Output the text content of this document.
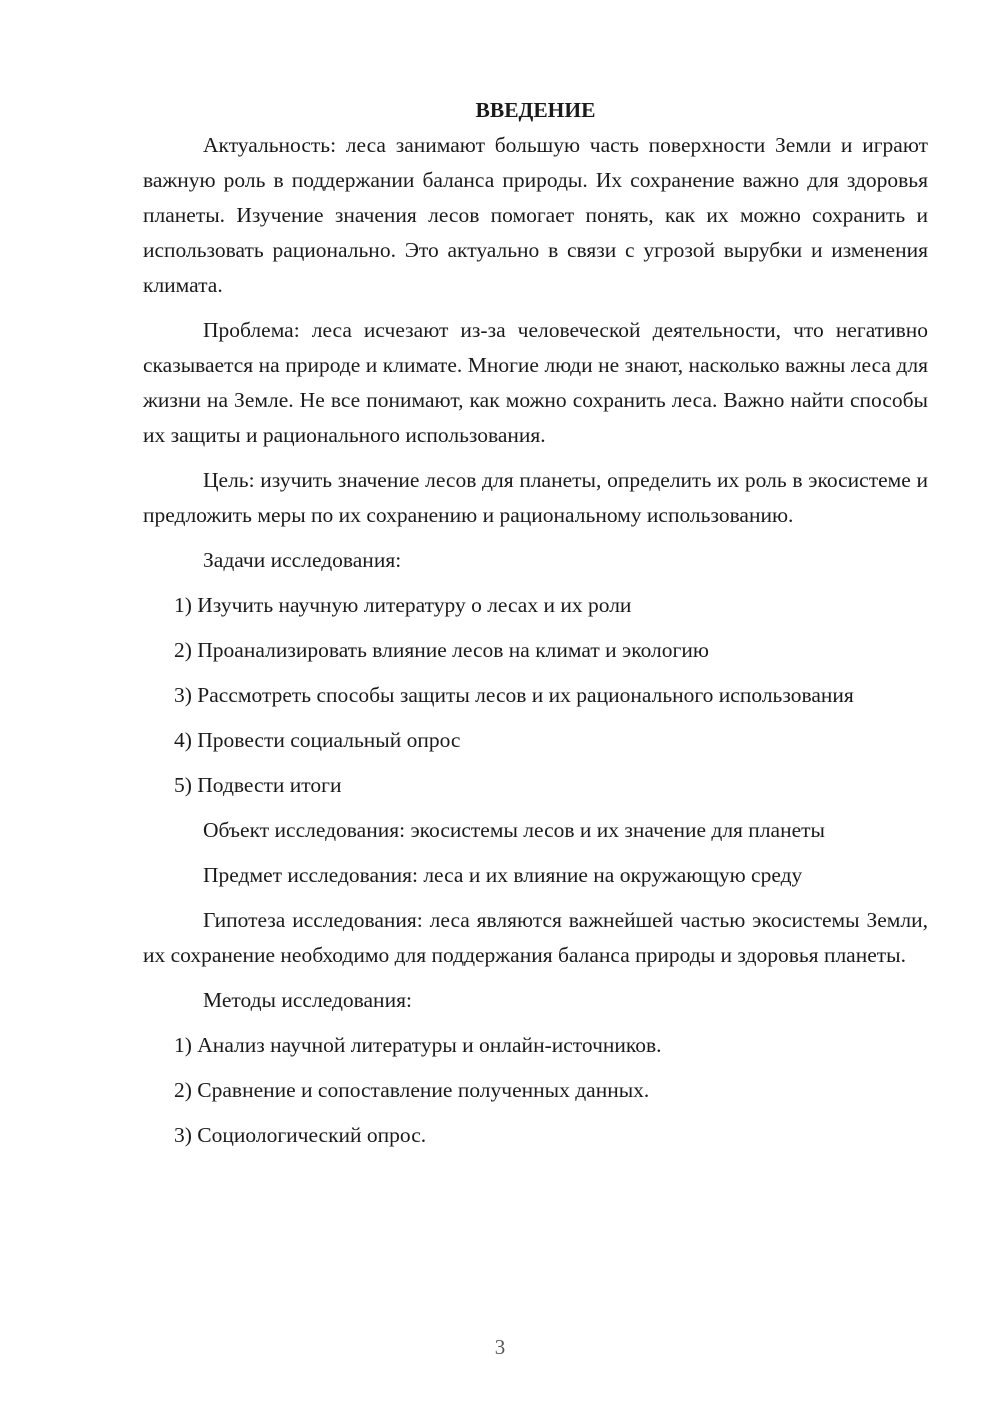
ВВЕДЕНИЕ

Актуальность: леса занимают большую часть поверхности Земли и играют важную роль в поддержании баланса природы. Их сохранение важно для здоровья планеты. Изучение значения лесов помогает понять, как их можно сохранить и использовать рационально. Это актуально в связи с угрозой вырубки и изменения климата.

Проблема: леса исчезают из-за человеческой деятельности, что негативно сказывается на природе и климате. Многие люди не знают, насколько важны леса для жизни на Земле. Не все понимают, как можно сохранить леса. Важно найти способы их защиты и рационального использования.

Цель: изучить значение лесов для планеты, определить их роль в экосистеме и предложить меры по их сохранению и рациональному использованию.

Задачи исследования:

1) Изучить научную литературу о лесах и их роли

2) Проанализировать влияние лесов на климат и экологию

3) Рассмотреть способы защиты лесов и их рационального использования

4) Провести социальный опрос

5) Подвести итоги

Объект исследования: экосистемы лесов и их значение для планеты

Предмет исследования: леса и их влияние на окружающую среду

Гипотеза исследования: леса являются важнейшей частью экосистемы Земли, их сохранение необходимо для поддержания баланса природы и здоровья планеты.

Методы исследования:

1) Анализ научной литературы и онлайн-источников.

2) Сравнение и сопоставление полученных данных.

3) Социологический опрос.

3
